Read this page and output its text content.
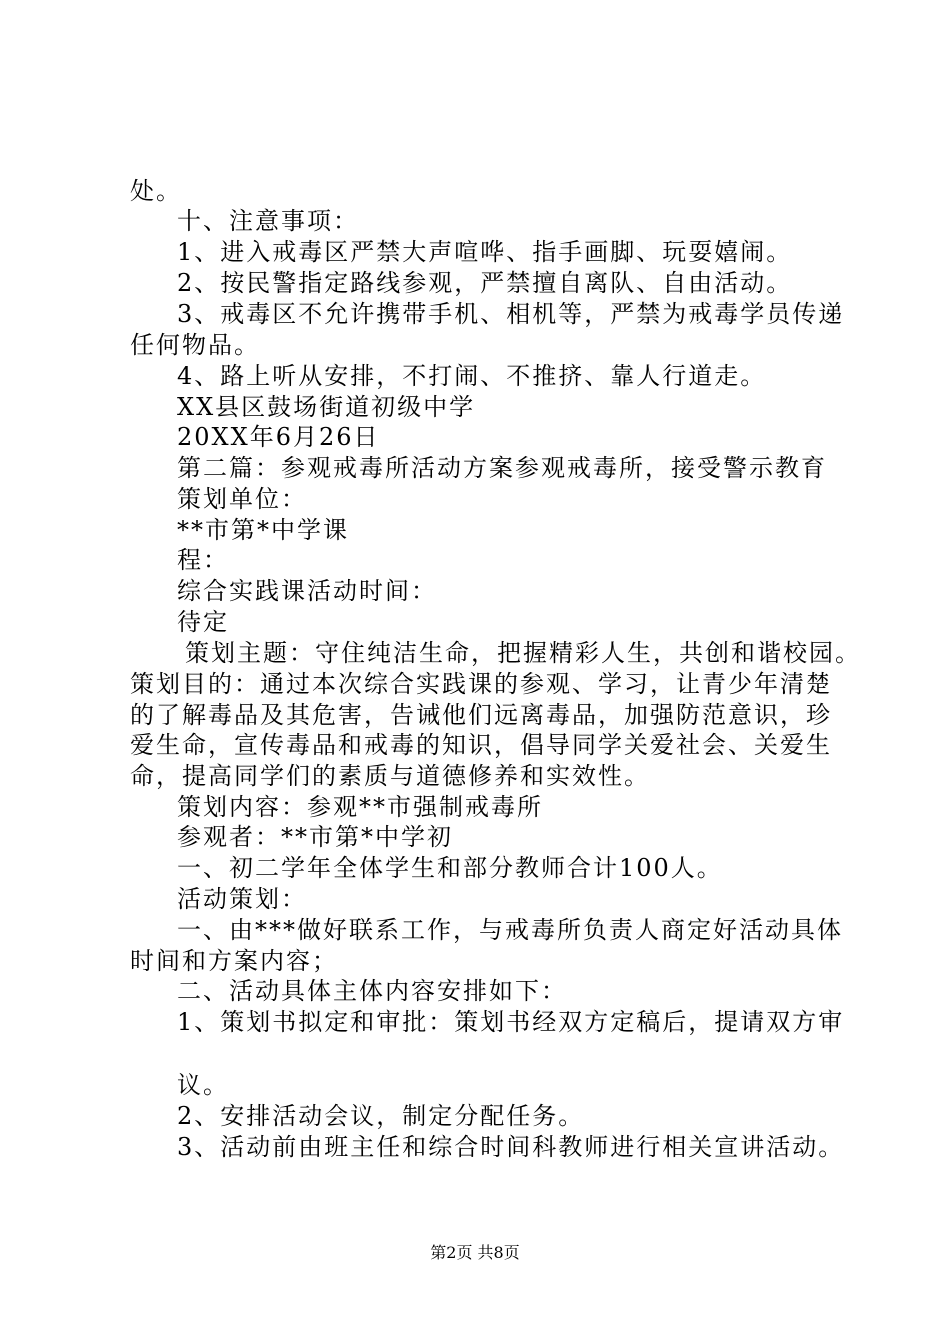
处。
十、注意事项：
1、进入戒毒区严禁大声喧哗、指手画脚、玩耍嬉闹。
2、按民警指定路线参观，严禁擅自离队、自由活动。
3、戒毒区不允许携带手机、相机等，严禁为戒毒学员传递
任何物品。
4、路上听从安排，不打闹、不推挤、靠人行道走。
XX县区鼓场街道初级中学
20XX年6月26日
第二篇：参观戒毒所活动方案参观戒毒所，接受警示教育
策划单位：
**市第*中学课
程：
综合实践课活动时间：
待定
策划主题：守住纯洁生命，把握精彩人生，共创和谐校园。
策划目的：通过本次综合实践课的参观、学习，让青少年清楚
的了解毒品及其危害，告诫他们远离毒品，加强防范意识，珍
爱生命，宣传毒品和戒毒的知识，倡导同学关爱社会、关爱生
命，提高同学们的素质与道德修养和实效性。
策划内容：参观**市强制戒毒所
参观者：**市第*中学初
一、初二学年全体学生和部分教师合计100人。
活动策划：
一、由***做好联系工作，与戒毒所负责人商定好活动具体
时间和方案内容；
二、活动具体主体内容安排如下：
1、策划书拟定和审批：策划书经双方定稿后，提请双方审
议。
2、安排活动会议，制定分配任务。
3、活动前由班主任和综合时间科教师进行相关宣讲活动。
第2页 共8页
